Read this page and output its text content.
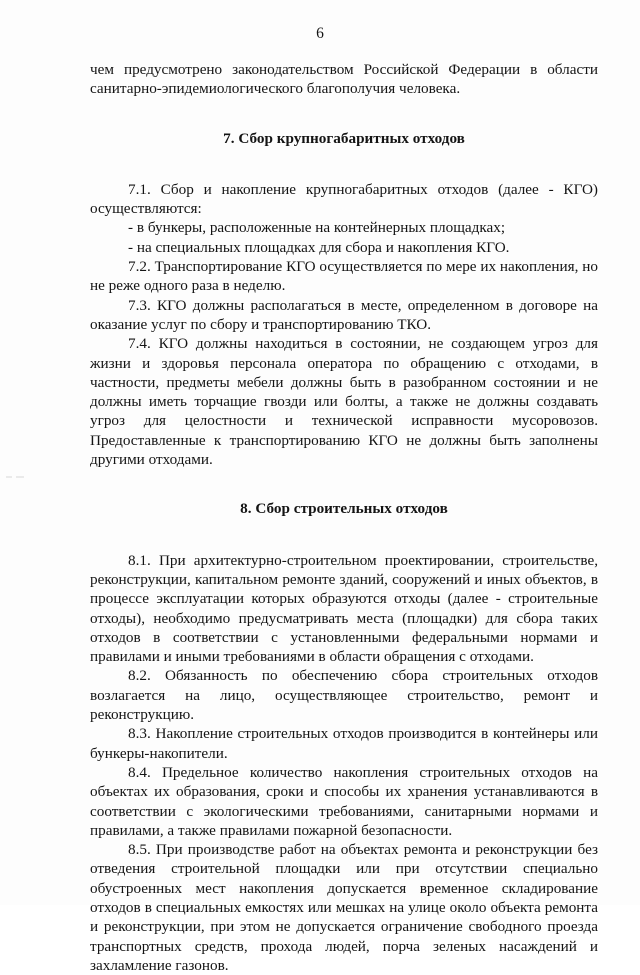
6

чем предусмотрено законодательством Российской Федерации в области санитарно-эпидемиологического благополучия человека.

7. Сбор крупногабаритных отходов

7.1. Сбор и накопление крупногабаритных отходов (далее - КГО) осуществляются:

- в бункеры, расположенные на контейнерных площадках;

- на специальных площадках для сбора и накопления КГО.

7.2. Транспортирование КГО осуществляется по мере их накопления, но не реже одного раза в неделю.

7.3. КГО должны располагаться в месте, определенном в договоре на оказание услуг по сбору и транспортированию ТКО.

7.4. КГО должны находиться в состоянии, не создающем угроз для жизни и здоровья персонала оператора по обращению с отходами, в частности, предметы мебели должны быть в разобранном состоянии и не должны иметь торчащие гвозди или болты, а также не должны создавать угроз для целостности и технической исправности мусоровозов. Предоставленные к транспортированию КГО не должны быть заполнены другими отходами.

8. Сбор строительных отходов

8.1. При архитектурно-строительном проектировании, строительстве, реконструкции, капитальном ремонте зданий, сооружений и иных объектов, в процессе эксплуатации которых образуются отходы (далее - строительные отходы), необходимо предусматривать места (площадки) для сбора таких отходов в соответствии с установленными федеральными нормами и правилами и иными требованиями в области обращения с отходами.

8.2. Обязанность по обеспечению сбора строительных отходов возлагается на лицо, осуществляющее строительство, ремонт и реконструкцию.

8.3. Накопление строительных отходов производится в контейнеры или бункеры-накопители.

8.4. Предельное количество накопления строительных отходов на объектах их образования, сроки и способы их хранения устанавливаются в соответствии с экологическими требованиями, санитарными нормами и правилами, а также правилами пожарной безопасности.

8.5. При производстве работ на объектах ремонта и реконструкции без отведения строительной площадки или при отсутствии специально обустроенных мест накопления допускается временное складирование отходов в специальных емкостях или мешках на улице около объекта ремонта и реконструкции, при этом не допускается ограничение свободного проезда транспортных средств, прохода людей, порча зеленых насаждений и захламление газонов.
